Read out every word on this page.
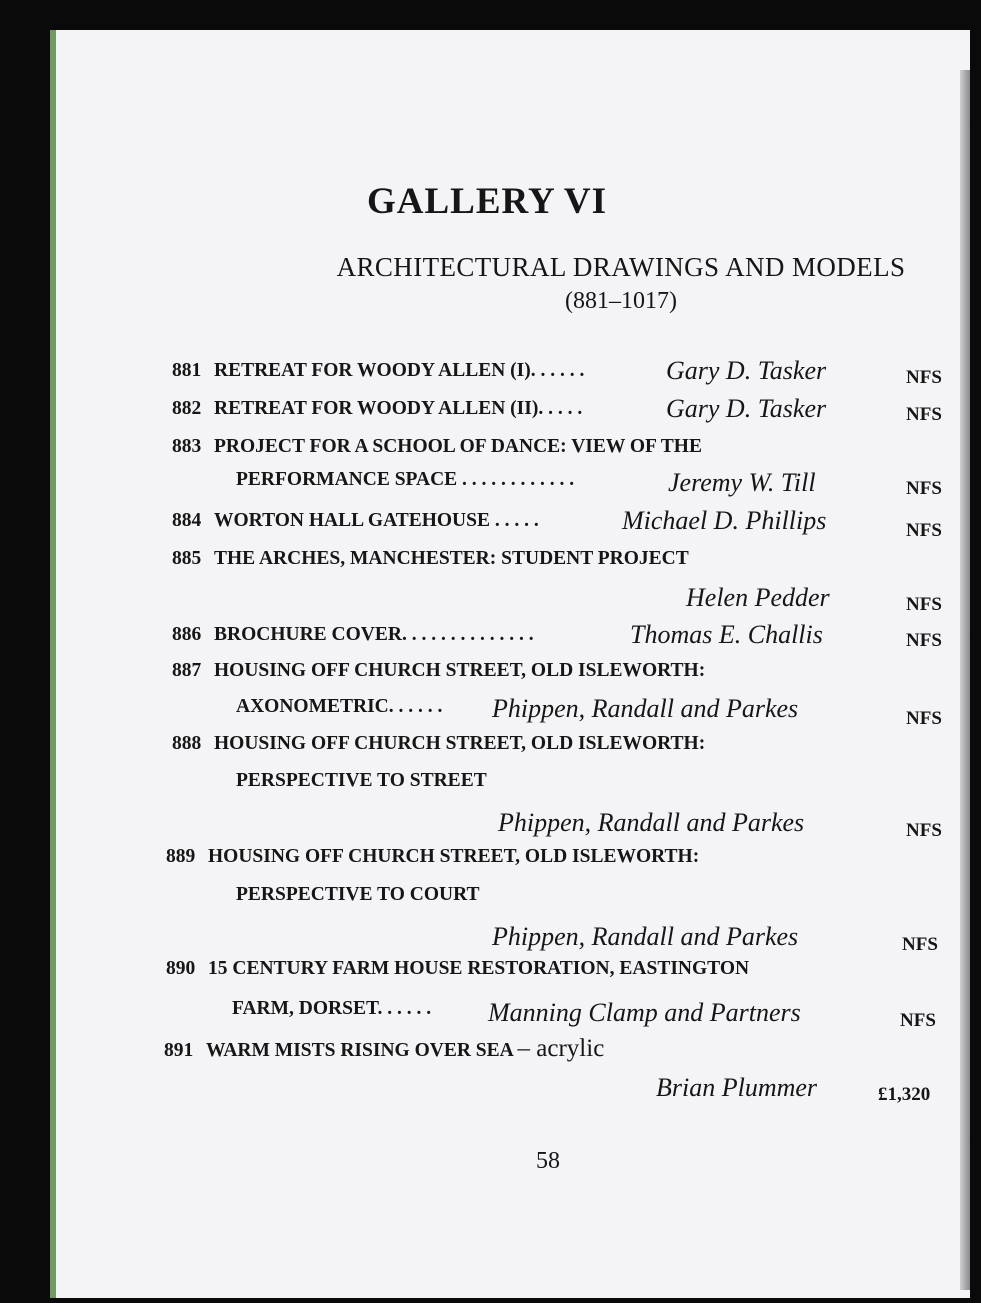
GALLERY VI
ARCHITECTURAL DRAWINGS AND MODELS
(881–1017)
881 RETREAT FOR WOODY ALLEN (I). . . . . .	Gary D. Tasker	NFS
882 RETREAT FOR WOODY ALLEN (II). . . . .	Gary D. Tasker	NFS
883 PROJECT FOR A SCHOOL OF DANCE: VIEW OF THE
PERFORMANCE SPACE . . . . . . . . . . . .	Jeremy W. Till	NFS
884 WORTON HALL GATEHOUSE . . . . .	Michael D. Phillips	NFS
885 THE ARCHES, MANCHESTER: STUDENT PROJECT
Helen Pedder	NFS
886 BROCHURE COVER. . . . . . . . . . . . . .	Thomas E. Challis	NFS
887 HOUSING OFF CHURCH STREET, OLD ISLEWORTH:
AXONOMETRIC. . . . . . Phippen, Randall and Parkes	NFS
888 HOUSING OFF CHURCH STREET, OLD ISLEWORTH:
PERSPECTIVE TO STREET
Phippen, Randall and Parkes	NFS
889 HOUSING OFF CHURCH STREET, OLD ISLEWORTH:
PERSPECTIVE TO COURT
Phippen, Randall and Parkes	NFS
890 15 CENTURY FARM HOUSE RESTORATION, EASTINGTON
FARM, DORSET. . . . . . Manning Clamp and Partners	NFS
891 WARM MISTS RISING OVER SEA – acrylic
Brian Plummer	£1,320
58
